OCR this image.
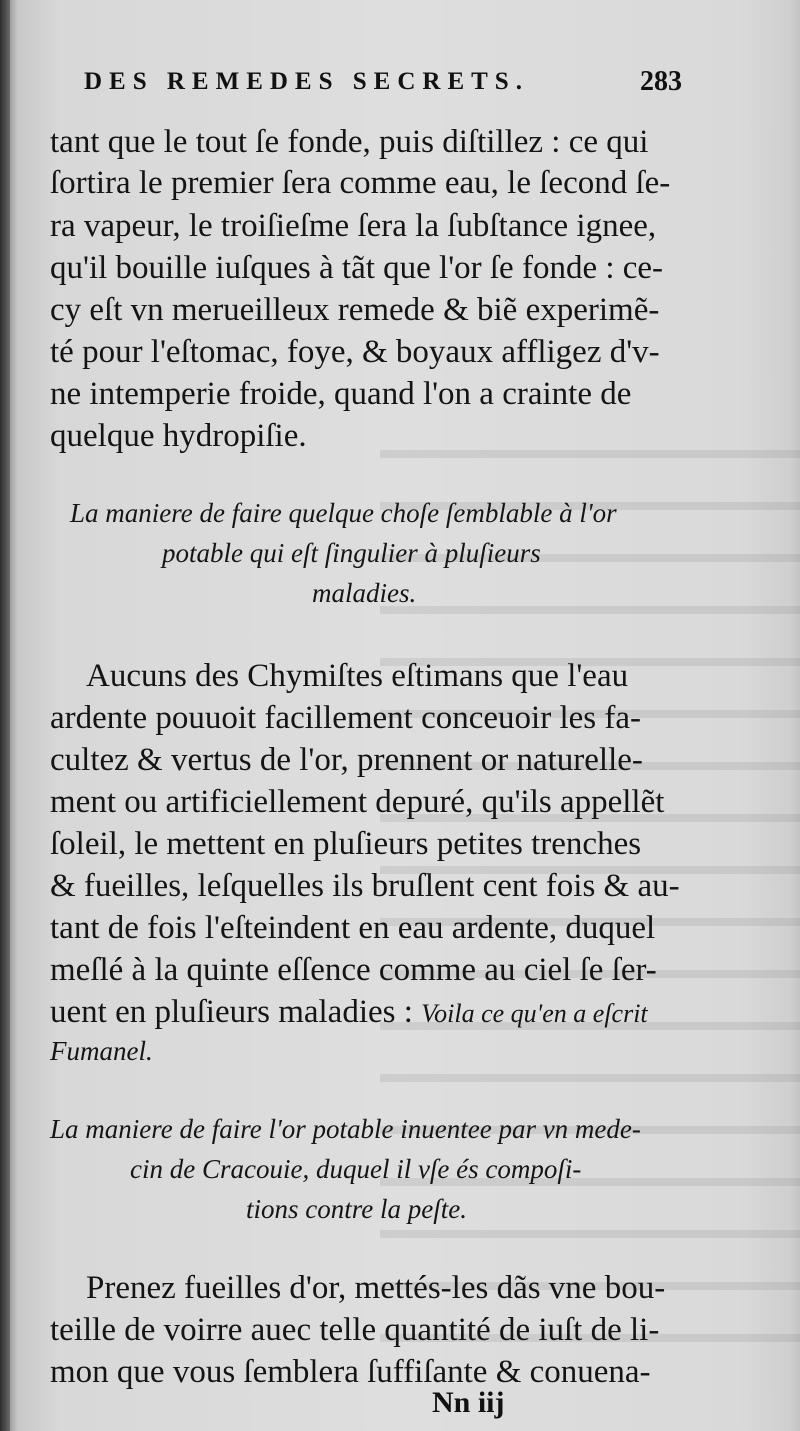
DES REMEDES SECRETS.	283
tant que le tout ſe fonde, puis diſtillez : ce qui
ſortira le premier ſera comme eau, le ſecond ſe-
ra vapeur, le troiſieſme ſera la ſubſtance ignee,
qu'il bouille iuſques à tãt que l'or ſe fonde : ce-
cy eſt vn merueilleux remede & biẽ experimẽ-
té pour l'eſtomac, foye, & boyaux affligez d'v-
ne intemperie froide, quand l'on a crainte de
quelque hydropiſie.
La maniere de faire quelque choſe ſemblable à l'or
potable qui eſt ſingulier à pluſieurs
maladies.
Aucuns des Chymiſtes eſtimans que l'eau
ardente pouuoit facillement conceuoir les fa-
cultez & vertus de l'or, prennent or naturelle-
ment ou artificiellement depuré, qu'ils appellẽt
ſoleil, le mettent en pluſieurs petites trenches
& fueilles, leſquelles ils bruſlent cent fois & au-
tant de fois l'eſteindent en eau ardente, duquel
meſlé à la quinte eſſence comme au ciel ſe ſer-
uent en pluſieurs maladies : Voila ce qu'en a eſcrit
Fumanel.
La maniere de faire l'or potable inuentee par vn mede-
cin de Cracouie, duquel il vſe és compoſi-
tions contre la peſte.
Prenez fueilles d'or, mettés-les dãs vne bou-
teille de voirre auec telle quantité de iuſt de li-
mon que vous ſemblera ſuffiſante & conuena-
Nn iij
